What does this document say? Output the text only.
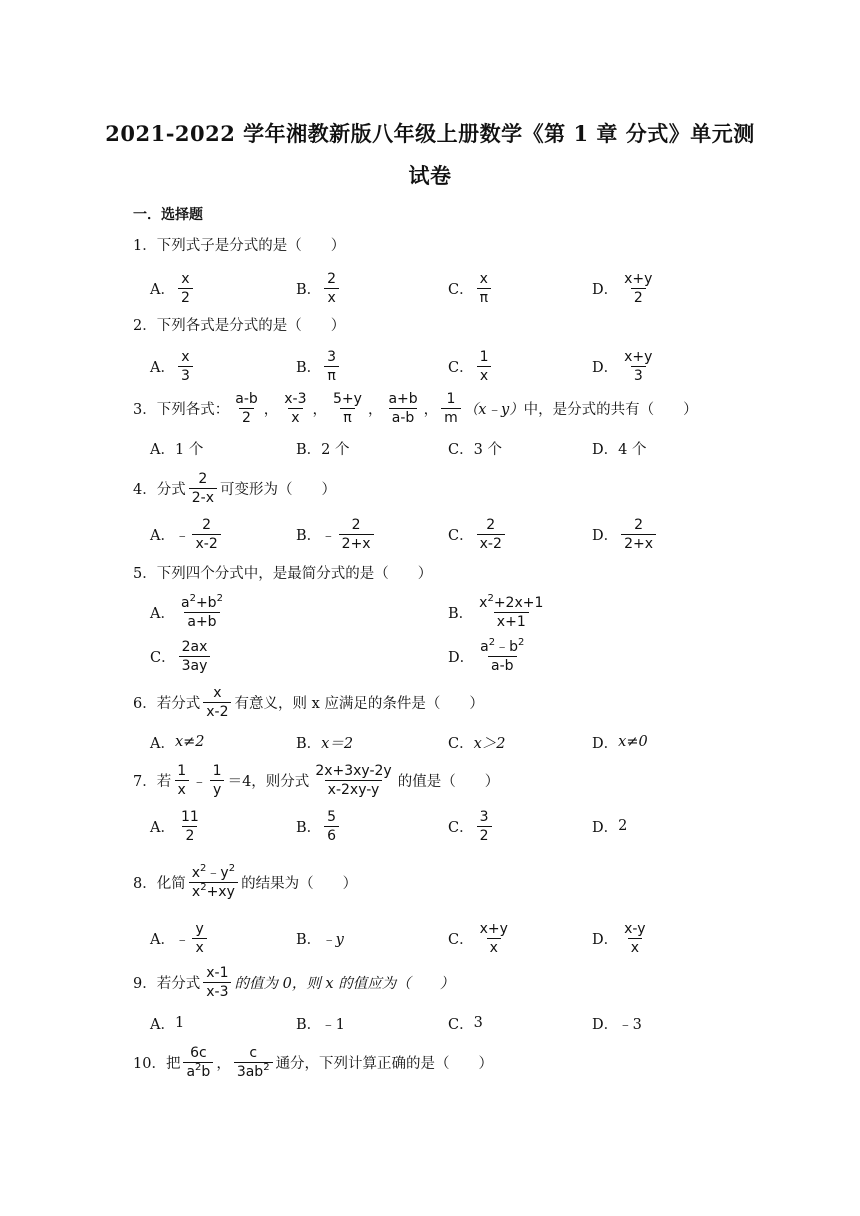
2021-2022 学年湘教新版八年级上册数学《第 1 章 分式》单元测
试卷
一．选择题
1． 下列式子是分式的是（　　）
A． $\frac{x}{2}$	B． $\frac{2}{x}$	C． $\frac{x}{\pi}$	D． $\frac{x+y}{2}$
2． 下列各式是分式的是（　　）
A． $\frac{x}{3}$	B． $\frac{3}{\pi}$	C． $\frac{1}{x}$	D． $\frac{x+y}{3}$
3． 下列各式： $\frac{a-b}{2}$ ， $\frac{x-3}{x}$ ， $\frac{5+y}{\pi}$ ， $\frac{a+b}{a-b}$ ， $\frac{1}{m}$ （x﹣y） 中，是分式的共有（　　）
A． 1 个	B． 2 个	C． 3 个	D． 4 个
4． 分式 $\frac{2}{2-x}$ 可变形为（　　）
A． ﹣ $\frac{2}{x-2}$	B． ﹣ $\frac{2}{2+x}$	C． $\frac{2}{x-2}$	D． $\frac{2}{2+x}$
5． 下列四个分式中，是最简分式的是（　　）
A． $\frac{a^2+b^2}{a+b}$	B． $\frac{x^2+2x+1}{x+1}$
C． $\frac{2ax}{3ay}$	D． $\frac{a^2﹣b^2}{a-b}$
6． 若分式 $\frac{x}{x-2}$ 有意义，则 x 应满足的条件是（　　）
A． x≠2	B． x＝2	C． x＞2	D． x≠0
7． 若 $\frac{1}{x}$ ﹣ $\frac{1}{y} =4$，则分式 $\frac{2x+3xy-2y}{x-2xy-y}$ 的值是（　　）
A． $\frac{11}{2}$	B． $\frac{5}{6}$	C． $\frac{3}{2}$	D． 2
8． 化简 $\frac{x^2﹣y^2}{x^2+xy}$ 的结果为（　　）
A． ﹣ $\frac{y}{x}$	B． ﹣y	C． $\frac{x+y}{x}$	D． $\frac{x-y}{x}$
9． 若分式 $\frac{x-1}{x-3}$ 的值为 0，则 x 的值应为（　　）
A． 1	B． ﹣1	C． 3	D． ﹣3
10． 把 $\frac{6c}{a^2b}$ ， $\frac{c}{3ab^2}$ 通分，下列计算正确的是（　　）
